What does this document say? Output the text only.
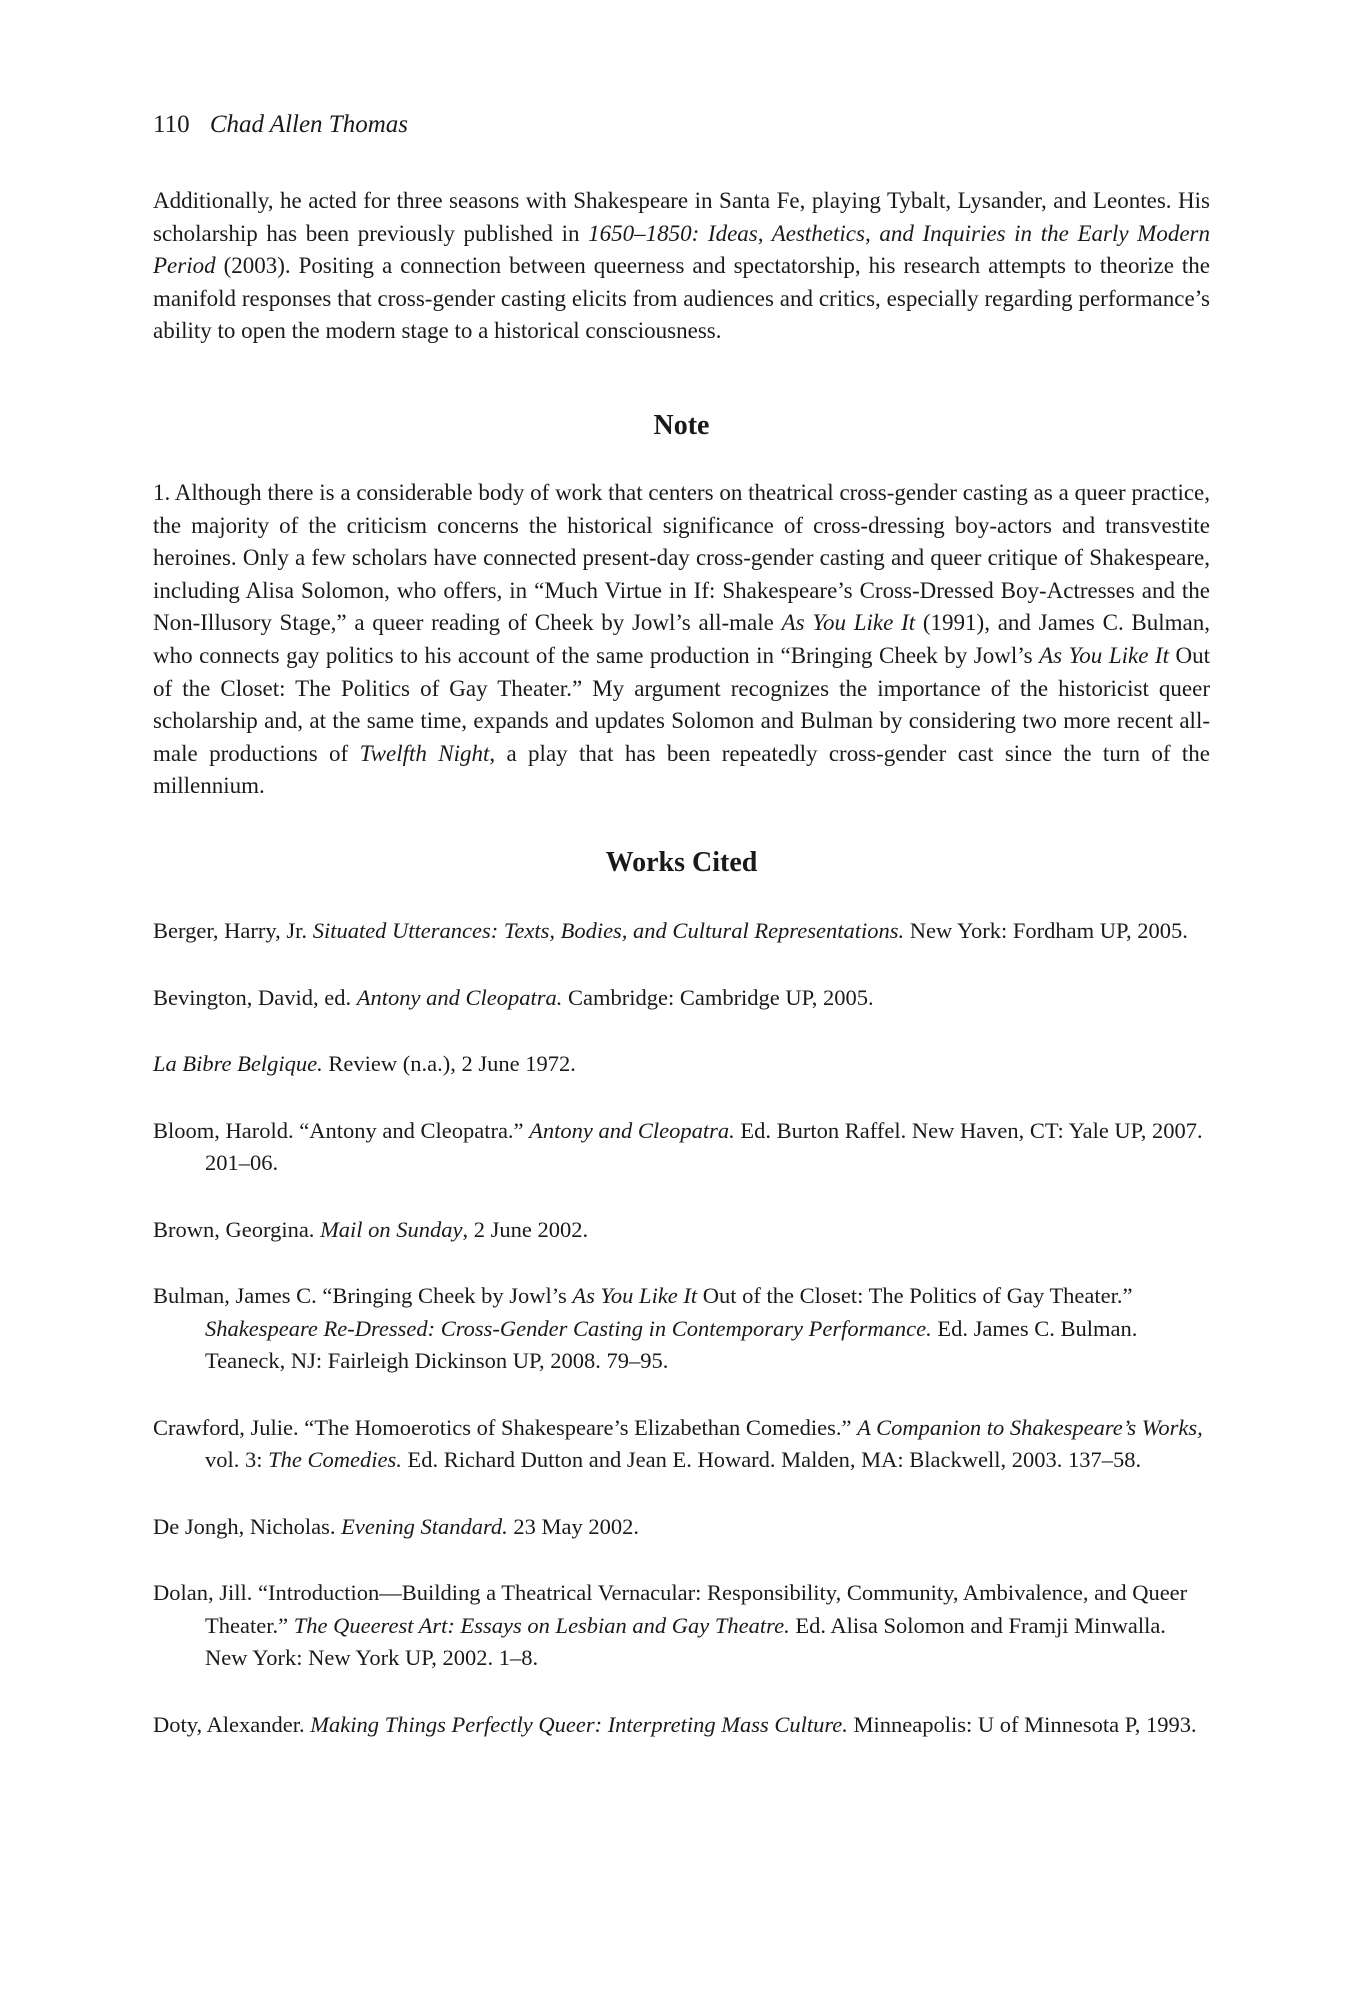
110 Chad Allen Thomas
Additionally, he acted for three seasons with Shakespeare in Santa Fe, playing Tybalt, Lysander, and Leontes. His scholarship has been previously published in 1650–1850: Ideas, Aesthetics, and Inquiries in the Early Modern Period (2003). Positing a connection between queerness and spectatorship, his research attempts to theorize the manifold responses that cross-gender casting elicits from audiences and critics, especially regarding performance’s ability to open the modern stage to a historical consciousness.
Note
1. Although there is a considerable body of work that centers on theatrical cross-gender casting as a queer practice, the majority of the criticism concerns the historical significance of cross-dressing boy-actors and transvestite heroines. Only a few scholars have connected present-day cross-gender casting and queer critique of Shakespeare, including Alisa Solomon, who offers, in “Much Virtue in If: Shakespeare’s Cross-Dressed Boy-Actresses and the Non-Illusory Stage,” a queer reading of Cheek by Jowl’s all-male As You Like It (1991), and James C. Bulman, who connects gay politics to his account of the same production in “Bringing Cheek by Jowl’s As You Like It Out of the Closet: The Politics of Gay Theater.” My argument recognizes the importance of the historicist queer scholarship and, at the same time, expands and updates Solomon and Bulman by considering two more recent all-male productions of Twelfth Night, a play that has been repeatedly cross-gender cast since the turn of the millennium.
Works Cited

Berger, Harry, Jr. Situated Utterances: Texts, Bodies, and Cultural Representations. New York: Fordham UP, 2005.

Bevington, David, ed. Antony and Cleopatra. Cambridge: Cambridge UP, 2005.

La Bibre Belgique. Review (n.a.), 2 June 1972.

Bloom, Harold. “Antony and Cleopatra.” Antony and Cleopatra. Ed. Burton Raffel. New Haven, CT: Yale UP, 2007. 201–06.

Brown, Georgina. Mail on Sunday, 2 June 2002.

Bulman, James C. “Bringing Cheek by Jowl’s As You Like It Out of the Closet: The Politics of Gay Theater.” Shakespeare Re-Dressed: Cross-Gender Casting in Contemporary Performance. Ed. James C. Bulman. Teaneck, NJ: Fairleigh Dickinson UP, 2008. 79–95.

Crawford, Julie. “The Homoerotics of Shakespeare’s Elizabethan Comedies.” A Companion to Shakespeare’s Works, vol. 3: The Comedies. Ed. Richard Dutton and Jean E. Howard. Malden, MA: Blackwell, 2003. 137–58.

De Jongh, Nicholas. Evening Standard. 23 May 2002.

Dolan, Jill. “Introduction—Building a Theatrical Vernacular: Responsibility, Community, Ambivalence, and Queer Theater.” The Queerest Art: Essays on Lesbian and Gay Theatre. Ed. Alisa Solomon and Framji Minwalla. New York: New York UP, 2002. 1–8.

Doty, Alexander. Making Things Perfectly Queer: Interpreting Mass Culture. Minneapolis: U of Minnesota P, 1993.
